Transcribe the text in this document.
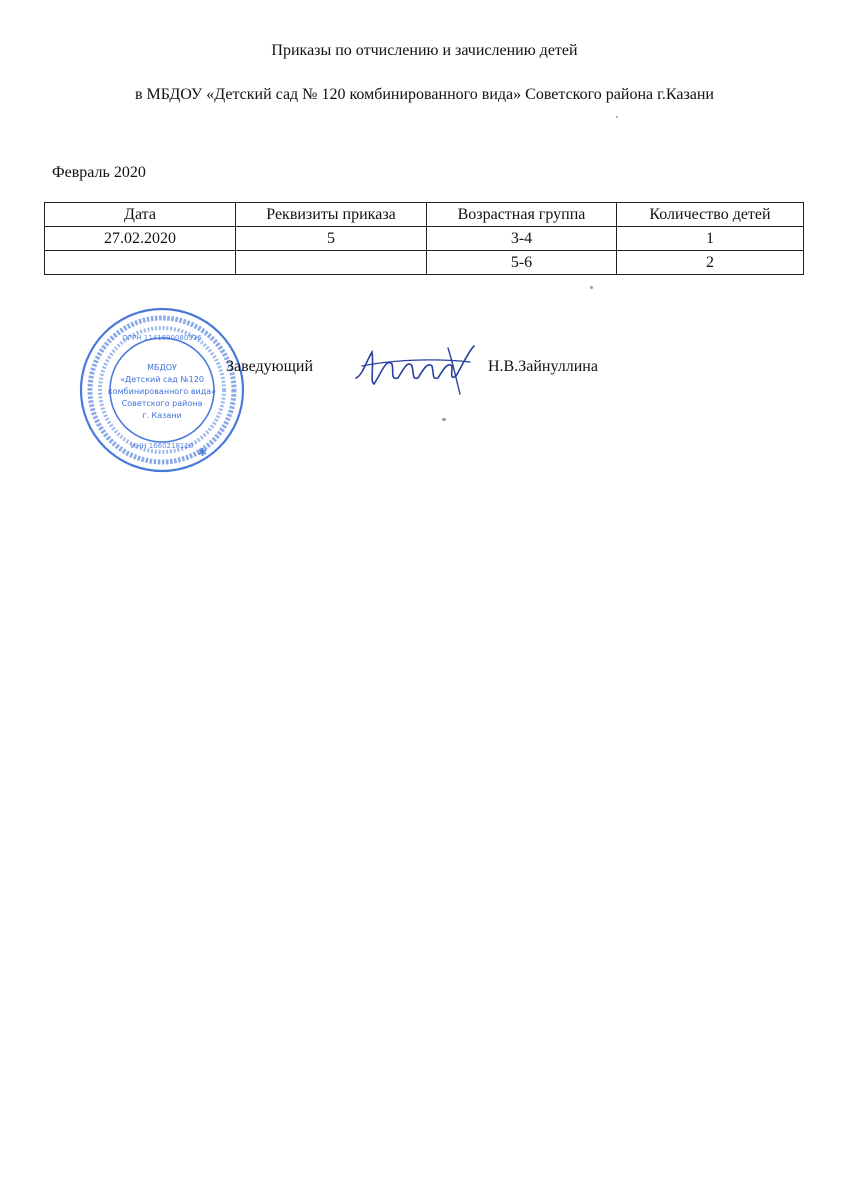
Приказы по отчислению и зачислению детей
в МБДОУ «Детский сад № 120 комбинированного вида» Советского района г.Казани
Февраль 2020
Дата	Реквизиты приказа	Возрастная группа	Количество детей
27.02.2020	5	3-4	1
		5-6	2
МБДОУ
«Детский сад №120
комбинированного вида»
Советского района
г. Казани
ИНН 1660218118
ОГРН 1141690080936
✱
Заведующий	Н.В.Зайнуллина
